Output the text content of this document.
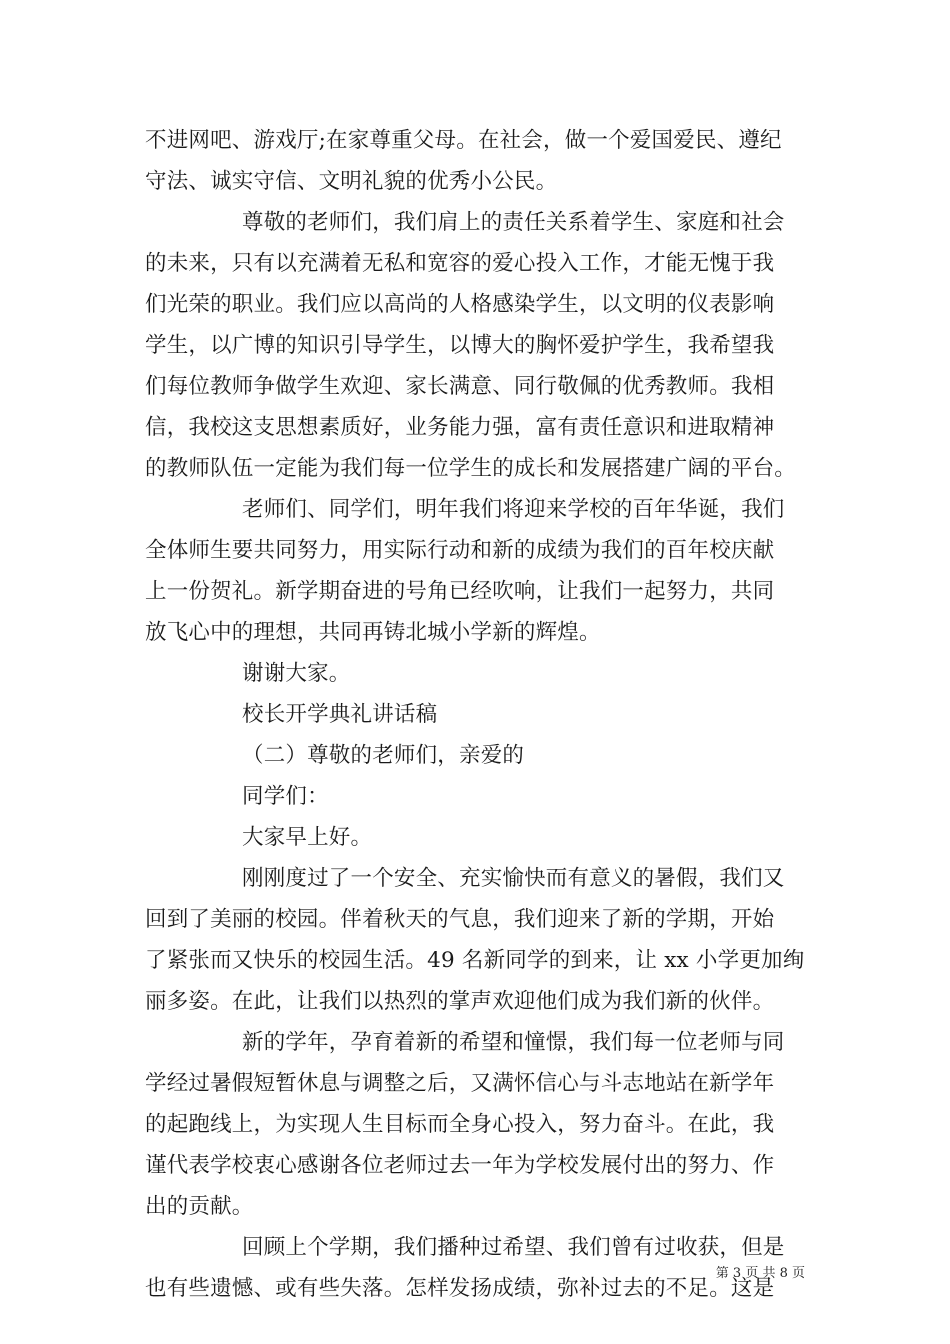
不进网吧、游戏厅;在家尊重父母。在社会，做一个爱国爱民、遵纪
守法、诚实守信、文明礼貌的优秀小公民。
尊敬的老师们，我们肩上的责任关系着学生、家庭和社会
的未来，只有以充满着无私和宽容的爱心投入工作，才能无愧于我
们光荣的职业。我们应以高尚的人格感染学生，以文明的仪表影响
学生，以广博的知识引导学生，以博大的胸怀爱护学生，我希望我
们每位教师争做学生欢迎、家长满意、同行敬佩的优秀教师。我相
信，我校这支思想素质好，业务能力强，富有责任意识和进取精神
的教师队伍一定能为我们每一位学生的成长和发展搭建广阔的平台。
老师们、同学们，明年我们将迎来学校的百年华诞，我们
全体师生要共同努力，用实际行动和新的成绩为我们的百年校庆献
上一份贺礼。新学期奋进的号角已经吹响，让我们一起努力，共同
放飞心中的理想，共同再铸北城小学新的辉煌。
谢谢大家。
校长开学典礼讲话稿
（二）尊敬的老师们，亲爱的
同学们：
大家早上好。
刚刚度过了一个安全、充实愉快而有意义的暑假，我们又
回到了美丽的校园。伴着秋天的气息，我们迎来了新的学期，开始
了紧张而又快乐的校园生活。49 名新同学的到来，让 xx 小学更加绚
丽多姿。在此，让我们以热烈的掌声欢迎他们成为我们新的伙伴。
新的学年，孕育着新的希望和憧憬，我们每一位老师与同
学经过暑假短暂休息与调整之后，又满怀信心与斗志地站在新学年
的起跑线上，为实现人生目标而全身心投入，努力奋斗。在此，我
谨代表学校衷心感谢各位老师过去一年为学校发展付出的努力、作
出的贡献。
回顾上个学期，我们播种过希望、我们曾有过收获，但是
也有些遗憾、或有些失落。怎样发扬成绩，弥补过去的不足。这是
第 3 页 共 8 页
